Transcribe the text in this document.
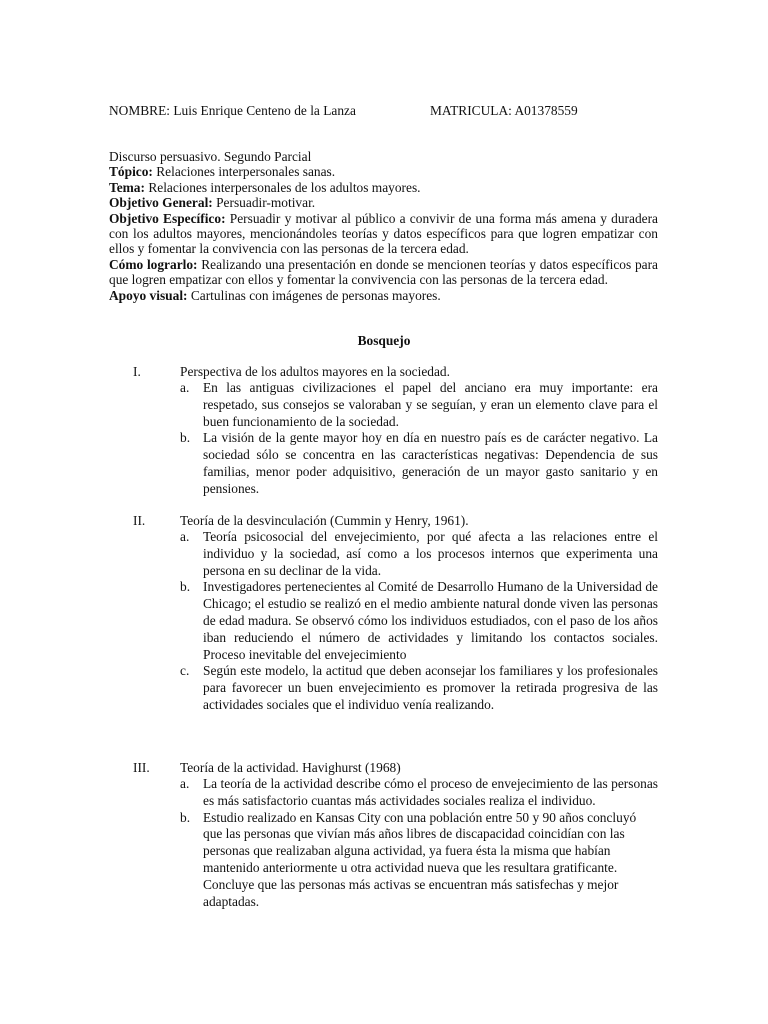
NOMBRE: Luis Enrique Centeno de la Lanza	MATRICULA: A01378559

Discurso persuasivo. Segundo Parcial

Tópico: Relaciones interpersonales sanas.

Tema: Relaciones interpersonales de los adultos mayores.

Objetivo General: Persuadir-motivar.

Objetivo Específico: Persuadir y motivar al público a convivir de una forma más amena y duradera con los adultos mayores, mencionándoles teorías y datos específicos para que logren empatizar con ellos y fomentar la convivencia con las personas de la tercera edad.

Cómo lograrlo: Realizando una presentación en donde se mencionen teorías y datos específicos para que logren empatizar con ellos y fomentar la convivencia con las personas de la tercera edad.

Apoyo visual: Cartulinas con imágenes de personas mayores.

Bosquejo
I.	Perspectiva de los adultos mayores en la sociedad.
a. En las antiguas civilizaciones el papel del anciano era muy importante: era respetado, sus consejos se valoraban y se seguían, y eran un elemento clave para el buen funcionamiento de la sociedad.

b. La visión de la gente mayor hoy en día en nuestro país es de carácter negativo. La sociedad sólo se concentra en las características negativas: Dependencia de sus familias, menor poder adquisitivo, generación de un mayor gasto sanitario y en pensiones.

II.	Teoría de la desvinculación (Cummin y Henry, 1961).
a. Teoría psicosocial del envejecimiento, por qué afecta a las relaciones entre el individuo y la sociedad, así como a los procesos internos que experimenta una persona en su declinar de la vida.

b. Investigadores pertenecientes al Comité de Desarrollo Humano de la Universidad de Chicago; el estudio se realizó en el medio ambiente natural donde viven las personas de edad madura. Se observó cómo los individuos estudiados, con el paso de los años iban reduciendo el número de actividades y limitando los contactos sociales. Proceso inevitable del envejecimiento

c. Según este modelo, la actitud que deben aconsejar los familiares y los profesionales para favorecer un buen envejecimiento es promover la retirada progresiva de las actividades sociales que el individuo venía realizando.

III. Teoría de la actividad. Havighurst (1968)
a. La teoría de la actividad describe cómo el proceso de envejecimiento de las personas es más satisfactorio cuantas más actividades sociales realiza el individuo.

b. Estudio realizado en Kansas City con una población entre 50 y 90 años concluyó que las personas que vivían más años libres de discapacidad coincidían con las personas que realizaban alguna actividad, ya fuera ésta la misma que habían mantenido anteriormente u otra actividad nueva que les resultara gratificante. Concluye que las personas más activas se encuentran más satisfechas y mejor adaptadas.
